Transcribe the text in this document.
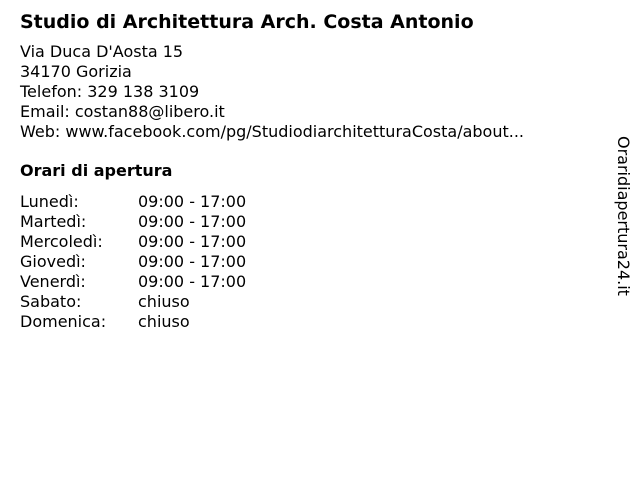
Studio di Architettura Arch. Costa Antonio
Via Duca D'Aosta 15
34170 Gorizia
Telefon: 329 138 3109
Email: costan88@libero.it
Web: www.facebook.com/pg/StudiodiarchitetturaCosta/about...
Orari di apertura
Lunedì:	09:00 - 17:00
Martedì:	09:00 - 17:00
Mercoledì:	09:00 - 17:00
Giovedì:	09:00 - 17:00
Venerdì:	09:00 - 17:00
Sabato:	chiuso
Domenica:	chiuso
Oraridiapertura24.it
